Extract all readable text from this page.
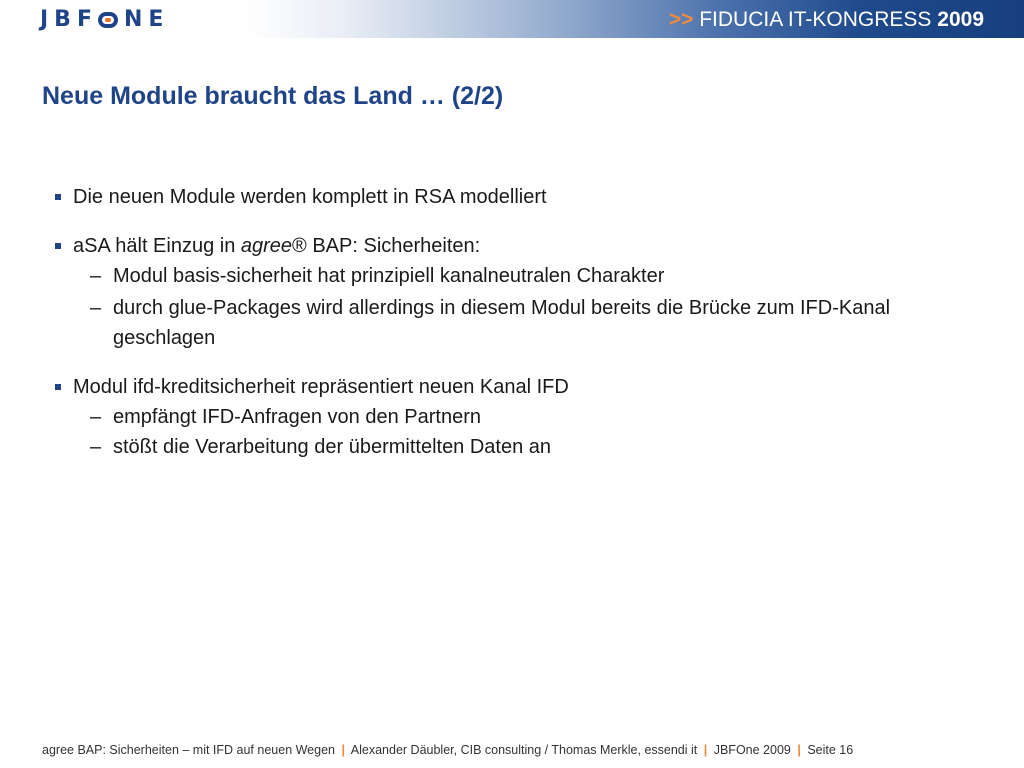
JBF NE	>> FIDUCIA IT-KONGRESS 2009
Neue Module braucht das Land … (2/2)
Die neuen Module werden komplett in RSA modelliert
aSA hält Einzug in agree® BAP: Sicherheiten:
– Modul basis-sicherheit hat prinzipiell kanalneutralen Charakter
– durch glue-Packages wird allerdings in diesem Modul bereits die Brücke zum IFD-Kanal geschlagen
Modul ifd-kreditsicherheit repräsentiert neuen Kanal IFD
– empfängt IFD-Anfragen von den Partnern
– stößt die Verarbeitung der übermittelten Daten an
agree BAP: Sicherheiten – mit IFD auf neuen Wegen | Alexander Däubler, CIB consulting / Thomas Merkle, essendi it | JBFOne 2009 | Seite 16
